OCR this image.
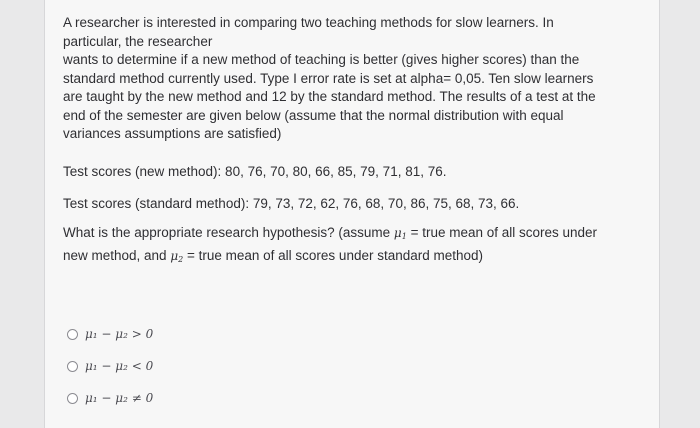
A researcher is interested in comparing two teaching methods for slow learners. In
particular, the researcher
wants to determine if a new method of teaching is better (gives higher scores) than the
standard method currently used. Type I error rate is set at alpha= 0,05. Ten slow learners
are taught by the new method and 12 by the standard method. The results of a test at the
end of the semester are given below (assume that the normal distribution with equal
variances assumptions are satisfied)
Test scores (new method): 80, 76, 70, 80, 66, 85, 79, 71, 81, 76.
Test scores (standard method): 79, 73, 72, 62, 76, 68, 70, 86, 75, 68, 73, 66.
What is the appropriate research hypothesis? (assume $\mu_1$ = true mean of all scores under
new method, and $\mu_2$ = true mean of all scores under standard method)
μ₁ − μ₂ > 0
μ₁ − μ₂ < 0
μ₁ − μ₂ ≠ 0
